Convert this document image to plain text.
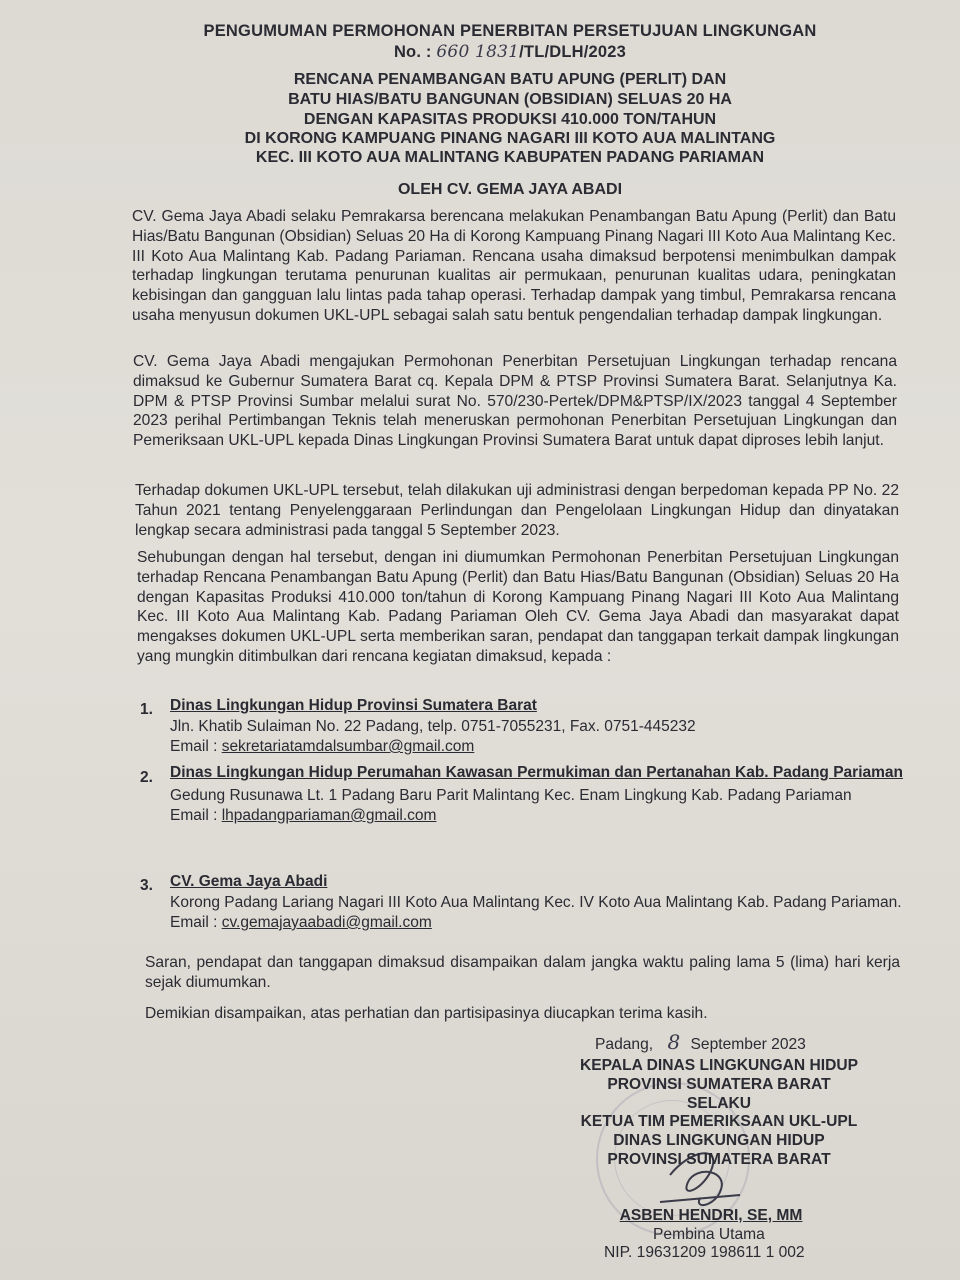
PENGUMUMAN PERMOHONAN PENERBITAN PERSETUJUAN LINGKUNGAN
No. : 660 1831/TL/DLH/2023
RENCANA PENAMBANGAN BATU APUNG (PERLIT) DAN
BATU HIAS/BATU BANGUNAN (OBSIDIAN) SELUAS 20 HA
DENGAN KAPASITAS PRODUKSI 410.000 TON/TAHUN
DI KORONG KAMPUANG PINANG NAGARI III KOTO AUA MALINTANG
KEC. III KOTO AUA MALINTANG KABUPATEN PADANG PARIAMAN
OLEH CV. GEMA JAYA ABADI
CV. Gema Jaya Abadi selaku Pemrakarsa berencana melakukan Penambangan Batu Apung (Perlit) dan Batu Hias/Batu Bangunan (Obsidian) Seluas 20 Ha di Korong Kampuang Pinang Nagari III Koto Aua Malintang Kec. III Koto Aua Malintang Kab. Padang Pariaman. Rencana usaha dimaksud berpotensi menimbulkan dampak terhadap lingkungan terutama penurunan kualitas air permukaan, penurunan kualitas udara, peningkatan kebisingan dan gangguan lalu lintas pada tahap operasi. Terhadap dampak yang timbul, Pemrakarsa rencana usaha menyusun dokumen UKL-UPL sebagai salah satu bentuk pengendalian terhadap dampak lingkungan.
CV. Gema Jaya Abadi mengajukan Permohonan Penerbitan Persetujuan Lingkungan terhadap rencana dimaksud ke Gubernur Sumatera Barat cq. Kepala DPM & PTSP Provinsi Sumatera Barat. Selanjutnya Ka. DPM & PTSP Provinsi Sumbar melalui surat No. 570/230-Pertek/DPM&PTSP/IX/2023 tanggal 4 September 2023 perihal Pertimbangan Teknis telah meneruskan permohonan Penerbitan Persetujuan Lingkungan dan Pemeriksaan UKL-UPL kepada Dinas Lingkungan Provinsi Sumatera Barat untuk dapat diproses lebih lanjut.
Terhadap dokumen UKL-UPL tersebut, telah dilakukan uji administrasi dengan berpedoman kepada PP No. 22 Tahun 2021 tentang Penyelenggaraan Perlindungan dan Pengelolaan Lingkungan Hidup dan dinyatakan lengkap secara administrasi pada tanggal 5 September 2023.
Sehubungan dengan hal tersebut, dengan ini diumumkan Permohonan Penerbitan Persetujuan Lingkungan terhadap Rencana Penambangan Batu Apung (Perlit) dan Batu Hias/Batu Bangunan (Obsidian) Seluas 20 Ha dengan Kapasitas Produksi 410.000 ton/tahun di Korong Kampuang Pinang Nagari III Koto Aua Malintang Kec. III Koto Aua Malintang Kab. Padang Pariaman Oleh CV. Gema Jaya Abadi dan masyarakat dapat mengakses dokumen UKL-UPL serta memberikan saran, pendapat dan tanggapan terkait dampak lingkungan yang mungkin ditimbulkan dari rencana kegiatan dimaksud, kepada :
1. Dinas Lingkungan Hidup Provinsi Sumatera Barat
Jln. Khatib Sulaiman No. 22 Padang, telp. 0751-7055231, Fax. 0751-445232
Email : sekretariatamdalsumbar@gmail.com
2. Dinas Lingkungan Hidup Perumahan Kawasan Permukiman dan Pertanahan Kab. Padang Pariaman
Gedung Rusunawa Lt. 1 Padang Baru Parit Malintang Kec. Enam Lingkung Kab. Padang Pariaman
Email : lhpadangpariaman@gmail.com
3. CV. Gema Jaya Abadi
Korong Padang Lariang Nagari III Koto Aua Malintang Kec. IV Koto Aua Malintang Kab. Padang Pariaman.
Email : cv.gemajayaabadi@gmail.com
Saran, pendapat dan tanggapan dimaksud disampaikan dalam jangka waktu paling lama 5 (lima) hari kerja sejak diumumkan.
Demikian disampaikan, atas perhatian dan partisipasinya diucapkan terima kasih.
Padang, 8 September 2023
KEPALA DINAS LINGKUNGAN HIDUP
PROVINSI SUMATERA BARAT
SELAKU
KETUA TIM PEMERIKSAAN UKL-UPL
DINAS LINGKUNGAN HIDUP
PROVINSI SUMATERA BARAT
ASBEN HENDRI, SE, MM
Pembina Utama
NIP. 19631209 198611 1 002
